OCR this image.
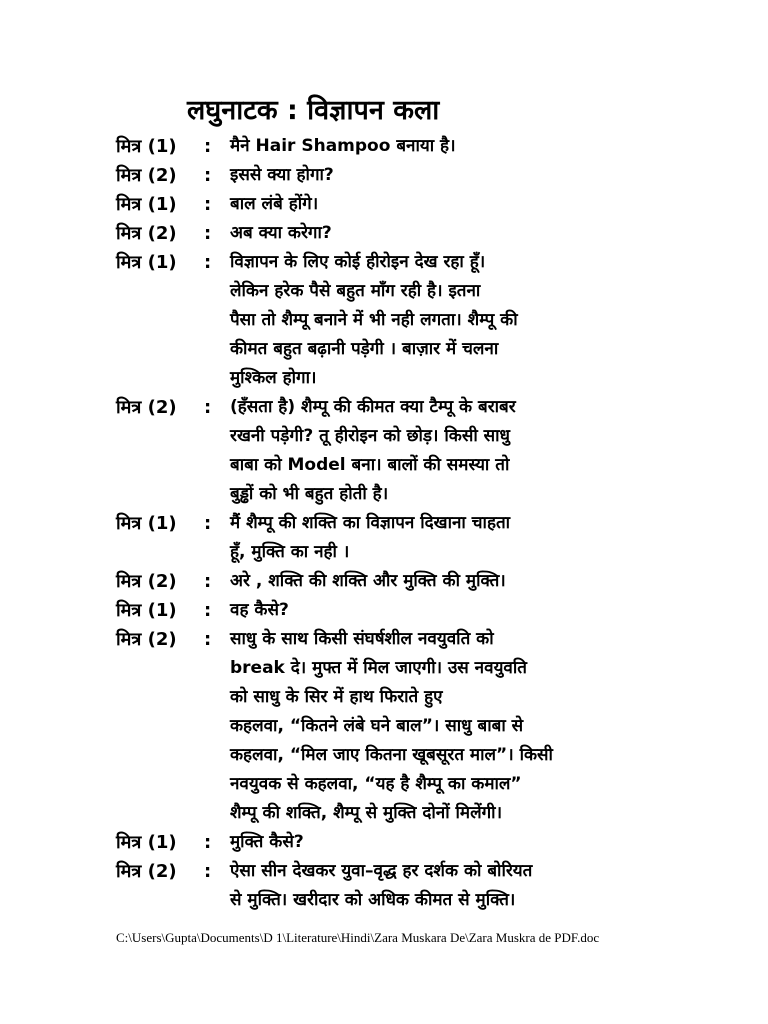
लघुनाटक : विज्ञापन कला
मित्र (1)	:	मैने Hair Shampoo बनाया है।
मित्र (2)	:	इससे क्या होगा?
मित्र (1)	:	बाल लंबे होंगे।
मित्र (2)	:	अब क्या करेगा?
मित्र (1)	:	विज्ञापन के लिए कोई हीरोइन देख रहा हूँ।
लेकिन हरेक पैसे बहुत माँग रही है। इतना
पैसा तो शैम्पू बनाने में भी नही लगता। शैम्पू की
कीमत बहुत बढ़ानी पड़ेगी । बाज़ार में चलना
मुश्किल होगा।
मित्र (2)	:	(हँसता है) शैम्पू की कीमत क्या टैम्पू के बराबर
रखनी पड़ेगी? तू हीरोइन को छोड़। किसी साधु
बाबा को Model बना। बालों की समस्या तो
बुड्ढों को भी बहुत होती है।
मित्र (1)	:	मैं शैम्पू की शक्ति का विज्ञापन दिखाना चाहता
हूँ, मुक्ति का नही ।
मित्र (2)	:	अरे , शक्ति की शक्ति और मुक्ति की मुक्ति।
मित्र (1)	:	वह कैसे?
मित्र (2)	:	साधु के साथ किसी संघर्षशील नवयुवति को
break दे। मुफ्त में मिल जाएगी। उस नवयुवति
को साधु के सिर में हाथ फिराते हुए
कहलवा, “कितने लंबे घने बाल”। साधु बाबा से
कहलवा, “मिल जाए कितना खूबसूरत माल”। किसी
नवयुवक से कहलवा, “यह है शैम्पू का कमाल”
शैम्पू की शक्ति, शैम्पू से मुक्ति दोनों मिलेंगी।
मित्र (1)	:	मुक्ति कैसे?
मित्र (2)	:	ऐसा सीन देखकर युवा–वृद्ध हर दर्शक को बोरियत
से मुक्ति। खरीदार को अधिक कीमत से मुक्ति।
C:\Users\Gupta\Documents\D 1\Literature\Hindi\Zara Muskara De\Zara Muskra de PDF.doc
